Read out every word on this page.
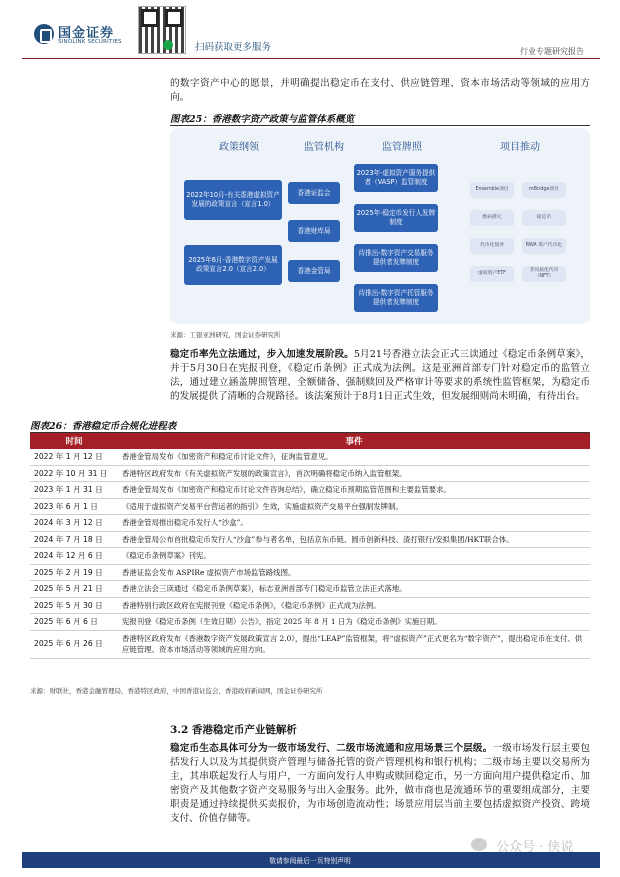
国金证券
SINOLINK SECURITIES	扫码获取更多服务	行业专题研究报告
的数字资产中心的愿景，并明确提出稳定币在支付、供应链管理、资本市场活动等领域的应用方向。
图表25：香港数字资产政策与监管体系概览
政策纲领	监管机构	监管牌照	项目推动
2022年10月-有关香港虚拟资产发展的政策宣言（宣言1.0）
2025年6月-香港数字资产发展政策宣言2.0（宣言2.0）
香港证监会
香港财库局
香港金管局
2023年-虚拟资产服务提供者（VASP）监管制度
2025年-稳定币发行人发牌制度
待推出-数字资产交易服务提供者发牌制度
待推出-数字资产托管服务提供者发牌制度
Ensemble项目	mBridge项目
数码港元	稳定币
代币化债券	RWA 资产代币化
虚拟资产ETF
非同质化代币（NFT）
来源：工银亚洲研究，国金证券研究所
稳定币率先立法通过，步入加速发展阶段。5月21号香港立法会正式三读通过《稳定币条例草案》，并于5月30日在宪报刊登，《稳定币条例》正式成为法例。这是亚洲首部专门针对稳定币的监管立法，通过建立涵盖牌照管理、全额储备、强制赎回及严格审计等要求的系统性监管框架，为稳定币的发展提供了清晰的合规路径。该法案预计于8月1日正式生效，但发展细则尚未明确，有待出台。
图表26：香港稳定币合规化进程表
时间	事件
2022 年 1 月 12 日	香港金管局发布《加密资产和稳定币讨论文件》，征询监管意见。
2022 年 10 月 31 日	香港特区政府发布《有关虚拟资产发展的政策宣言》，首次明确将稳定币纳入监管框架。
2023 年 1 月 31 日	香港金管局发布《加密资产和稳定币讨论文件咨询总结》，确立稳定币预期监管范围和主要监管要求。
2023 年 6 月 1 日	《适用于虚拟资产交易平台营运者的指引》生效，实施虚拟资产交易平台强制发牌制。
2024 年 3 月 12 日	香港金管局推出稳定币发行人“沙盒”。
2024 年 7 月 18 日	香港金管局公布首批稳定币发行人“沙盒”参与者名单，包括京东币链、圆币创新科技、渣打银行/安拟集团/HKT联合体。
2024 年 12 月 6 日	《稳定币条例草案》刊宪。
2025 年 2 月 19 日	香港证监会发布 ASPIRe 虚拟资产市场监管路线图。
2025 年 5 月 21 日	香港立法会三读通过《稳定币条例草案》，标志亚洲首部专门稳定币监管立法正式落地。
2025 年 5 月 30 日	香港特别行政区政府在宪报刊登《稳定币条例》，《稳定币条例》正式成为法例。
2025 年 6 月 6 日	宪报刊登《稳定币条例（生效日期）公告》，指定 2025 年 8 月 1 日为《稳定币条例》实施日期。
2025 年 6 月 26 日	香港特区政府发布《香港数字资产发展政策宣言 2.0》，提出“LEAP”监管框架，将“虚拟资产”正式更名为“数字资产”，提出稳定币在支付、供应链管理、资本市场活动等领域的应用方向。
来源：财联社，香港金融管理局，香港特区政府，中国香港证监会，香港政府新闻网，国金证券研究所
3.2 香港稳定币产业链解析
稳定币生态具体可分为一级市场发行、二级市场流通和应用场景三个层级。一级市场发行层主要包括发行人以及为其提供资产管理与储备托管的资产管理机构和银行机构；二级市场主要以交易所为主，其串联起发行人与用户，一方面向发行人申购或赎回稳定币，另一方面向用户提供稳定币、加密资产及其他数字资产交易服务与出入金服务。此外，做市商也是流通环节的重要组成部分，主要职责是通过持续提供买卖报价，为市场创造流动性；场景应用层当前主要包括虚拟资产投资、跨境支付、价值存储等。
敬请参阅最后一页特别声明
公众号 · 侠说
